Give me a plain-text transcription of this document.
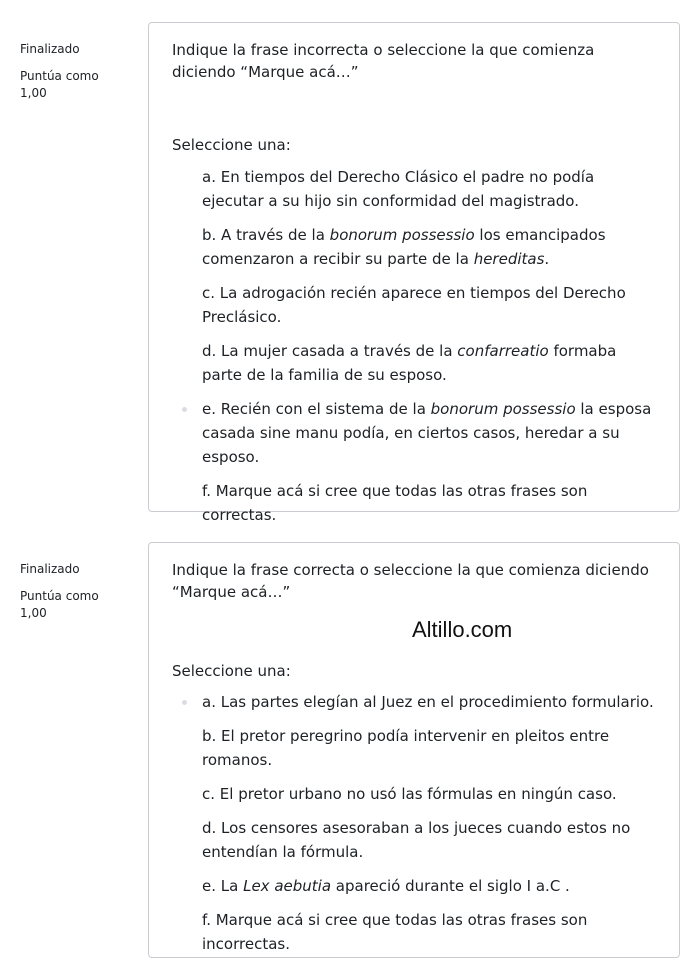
Finalizado
Puntúa como
1,00
Indique la frase incorrecta o seleccione la que comienza diciendo “Marque acá…”
Seleccione una:
a. En tiempos del Derecho Clásico el padre no podía ejecutar a su hijo sin conformidad del magistrado.
b. A través de la bonorum possessio los emancipados comenzaron a recibir su parte de la hereditas.
c. La adrogación recién aparece en tiempos del Derecho Preclásico.
d. La mujer casada a través de la confarreatio formaba parte de la familia de su esposo.
e. Recién con el sistema de la bonorum possessio la esposa casada sine manu podía, en ciertos casos, heredar a su esposo.
f. Marque acá si cree que todas las otras frases son correctas.
Finalizado
Puntúa como
1,00
Indique la frase correcta o seleccione la que comienza diciendo “Marque acá…”
Altillo.com
Seleccione una:
a. Las partes elegían al Juez en el procedimiento formulario.
b. El pretor peregrino podía intervenir en pleitos entre romanos.
c. El pretor urbano no usó las fórmulas en ningún caso.
d. Los censores asesoraban a los jueces cuando estos no entendían la fórmula.
e. La Lex aebutia apareció durante el siglo I a.C .
f. Marque acá si cree que todas las otras frases son incorrectas.
